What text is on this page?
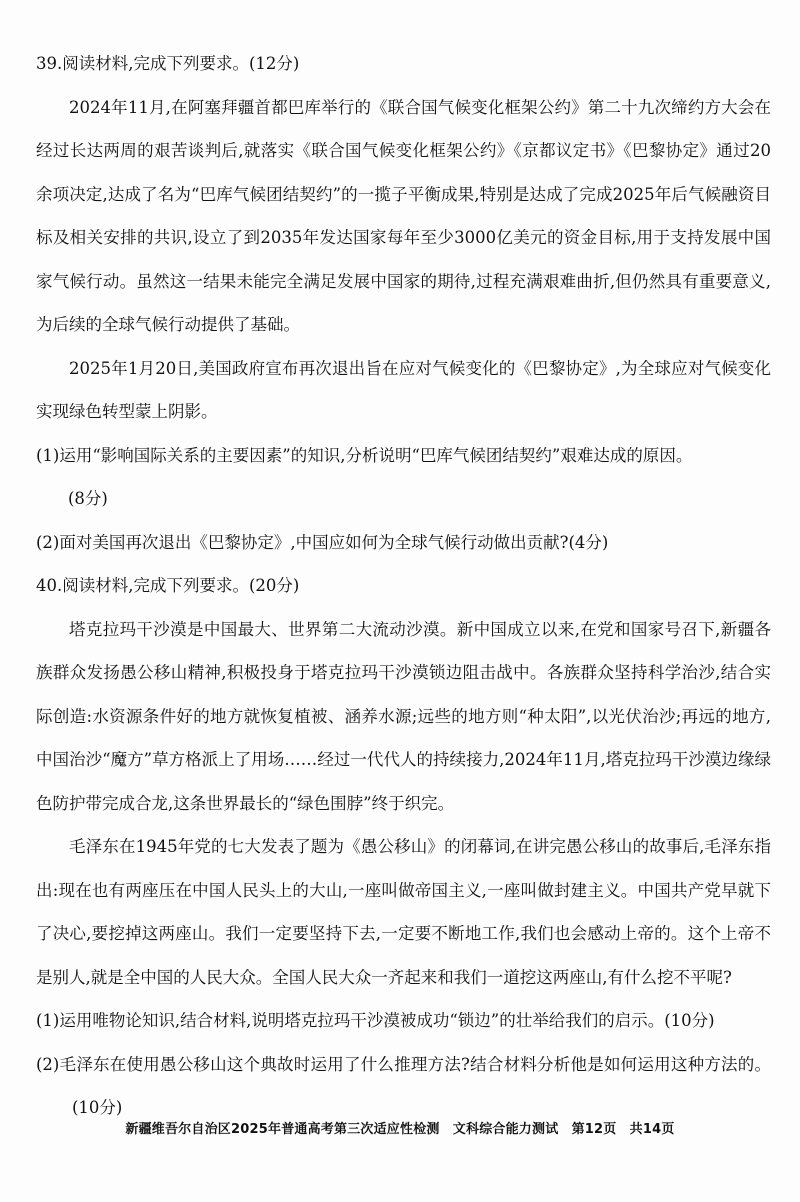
39.阅读材料,完成下列要求。(12分)

2024年11月,在阿塞拜疆首都巴库举行的《联合国气候变化框架公约》第二十九次缔约方大会在经过长达两周的艰苦谈判后,就落实《联合国气候变化框架公约》《京都议定书》《巴黎协定》通过20余项决定,达成了名为“巴库气候团结契约”的一揽子平衡成果,特别是达成了完成2025年后气候融资目标及相关安排的共识,设立了到2035年发达国家每年至少3000亿美元的资金目标,用于支持发展中国家气候行动。虽然这一结果未能完全满足发展中国家的期待,过程充满艰难曲折,但仍然具有重要意义,为后续的全球气候行动提供了基础。

2025年1月20日,美国政府宣布再次退出旨在应对气候变化的《巴黎协定》,为全球应对气候变化实现绿色转型蒙上阴影。

(1)运用“影响国际关系的主要因素”的知识,分析说明“巴库气候团结契约”艰难达成的原因。

(8分)

(2)面对美国再次退出《巴黎协定》,中国应如何为全球气候行动做出贡献?(4分)

40.阅读材料,完成下列要求。(20分)

塔克拉玛干沙漠是中国最大、世界第二大流动沙漠。新中国成立以来,在党和国家号召下,新疆各族群众发扬愚公移山精神,积极投身于塔克拉玛干沙漠锁边阻击战中。各族群众坚持科学治沙,结合实际创造:水资源条件好的地方就恢复植被、涵养水源;远些的地方则“种太阳”,以光伏治沙;再远的地方,中国治沙“魔方”草方格派上了用场……经过一代代人的持续接力,2024年11月,塔克拉玛干沙漠边缘绿色防护带完成合龙,这条世界最长的“绿色围脖”终于织完。

毛泽东在1945年党的七大发表了题为《愚公移山》的闭幕词,在讲完愚公移山的故事后,毛泽东指出:现在也有两座压在中国人民头上的大山,一座叫做帝国主义,一座叫做封建主义。中国共产党早就下了决心,要挖掉这两座山。我们一定要坚持下去,一定要不断地工作,我们也会感动上帝的。这个上帝不是别人,就是全中国的人民大众。全国人民大众一齐起来和我们一道挖这两座山,有什么挖不平呢?

(1)运用唯物论知识,结合材料,说明塔克拉玛干沙漠被成功“锁边”的壮举给我们的启示。(10分)

(2)毛泽东在使用愚公移山这个典故时运用了什么推理方法?结合材料分析他是如何运用这种方法的。(10分)

新疆维吾尔自治区2025年普通高考第三次适应性检测　文科综合能力测试　第12页　共14页
